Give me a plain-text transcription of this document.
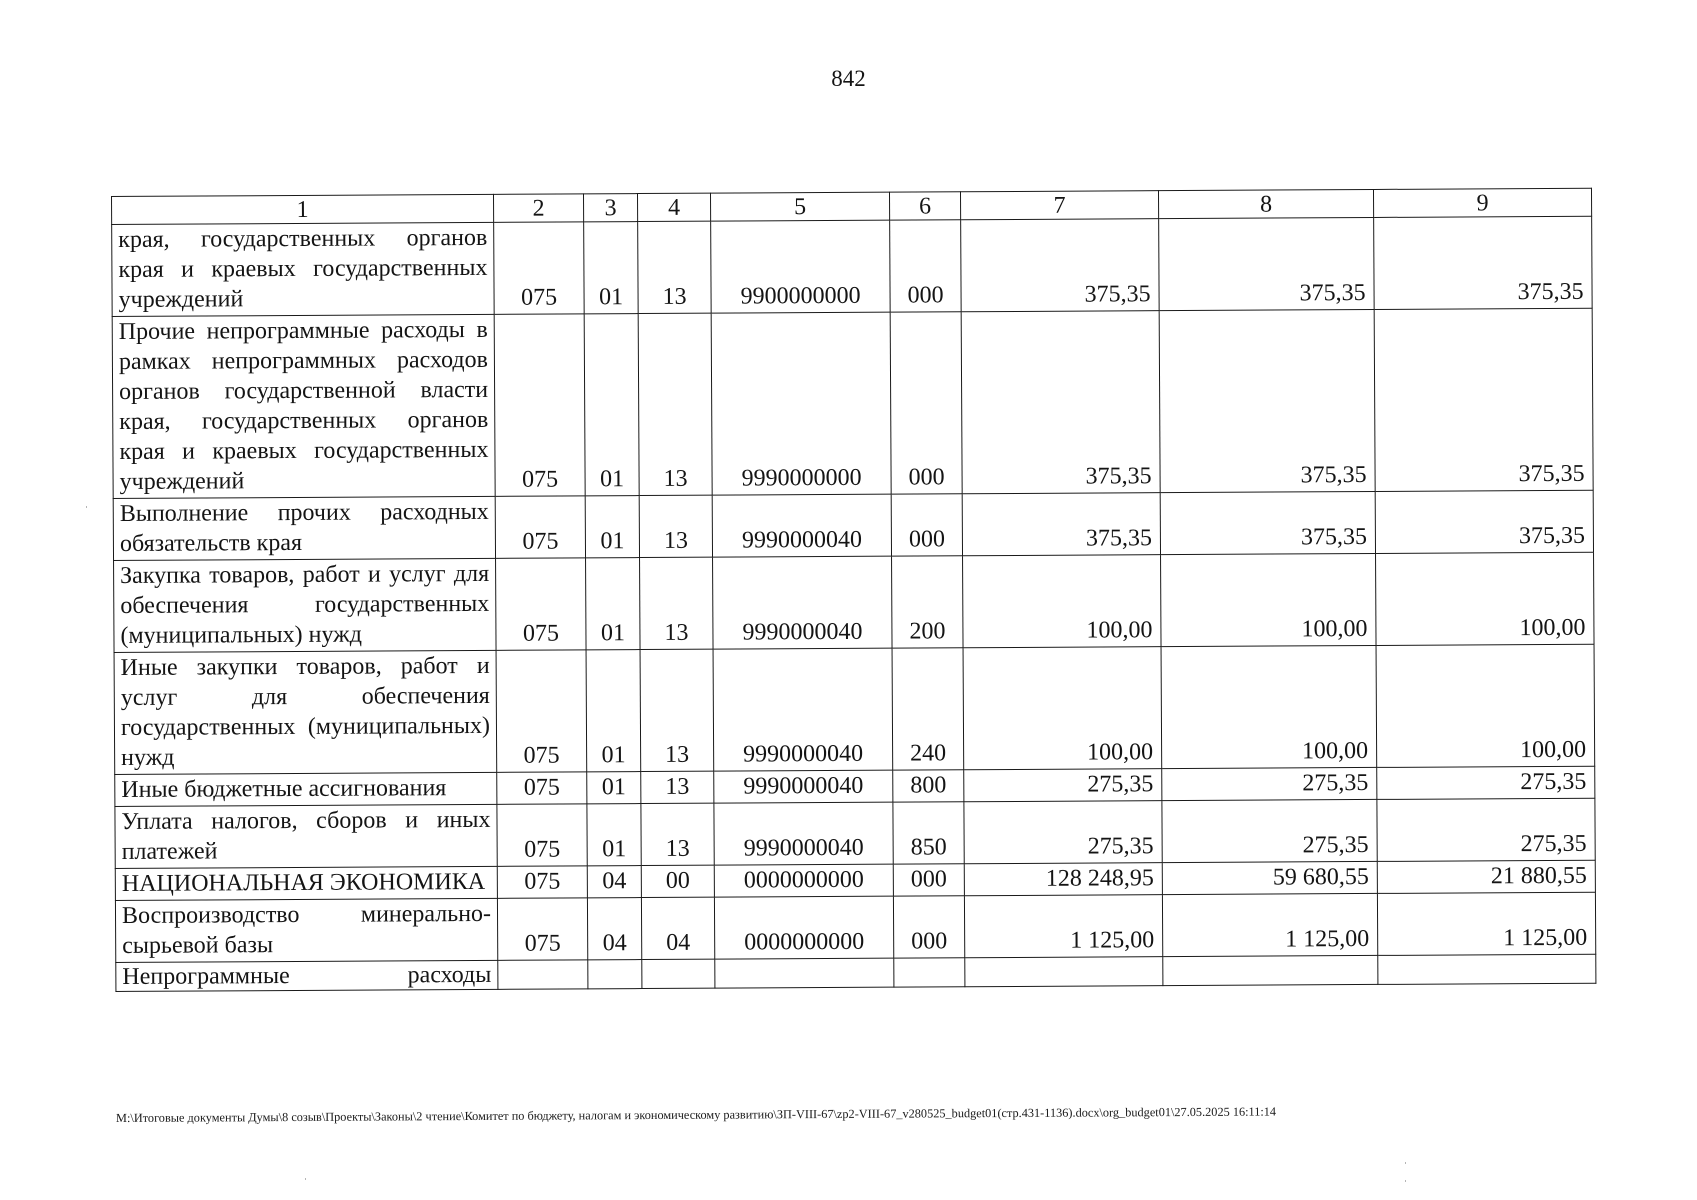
842
1	2	3	4	5	6	7	8	9
края, государственных органов края и краевых государственных учреждений	075	01	13	9900000000	000	375,35	375,35	375,35
Прочие непрограммные расходы в рамках непрограммных расходов органов государственной власти края, государственных органов края и краевых государственных учреждений	075	01	13	9990000000	000	375,35	375,35	375,35
Выполнение прочих расходных обязательств края	075	01	13	9990000040	000	375,35	375,35	375,35
Закупка товаров, работ и услуг для обеспечения государственных (муниципальных) нужд	075	01	13	9990000040	200	100,00	100,00	100,00
Иные закупки товаров, работ и услуг для обеспечения государственных (муниципальных) нужд	075	01	13	9990000040	240	100,00	100,00	100,00
Иные бюджетные ассигнования	075	01	13	9990000040	800	275,35	275,35	275,35
Уплата налогов, сборов и иных платежей	075	01	13	9990000040	850	275,35	275,35	275,35
НАЦИОНАЛЬНАЯ ЭКОНОМИКА	075	04	00	0000000000	000	128 248,95	59 680,55	21 880,55
Воспроизводство минерально-сырьевой базы	075	04	04	0000000000	000	1 125,00	1 125,00	1 125,00
Непрограммные расходы								
M:\Итоговые документы Думы\8 созыв\Проекты\Законы\2 чтение\Комитет по бюджету, налогам и экономическому развитию\ЗП-VIII-67\zp2-VIII-67_v280525_budget01(стр.431-1136).docx\org_budget01\27.05.2025 16:11:14
